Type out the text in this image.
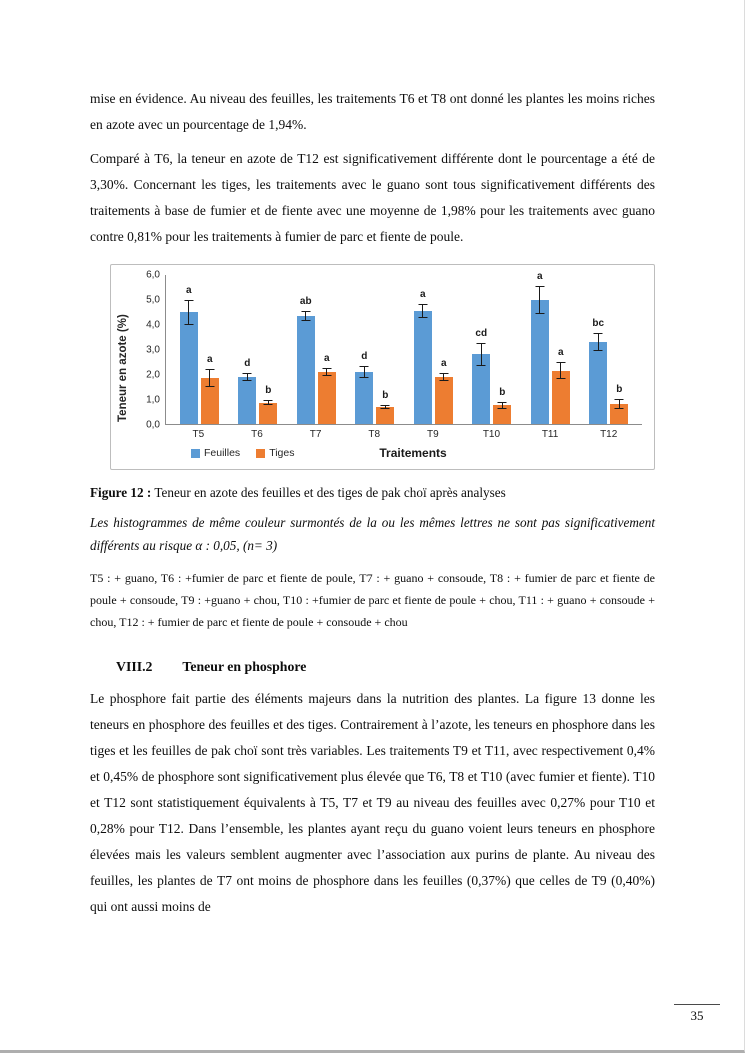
mise en évidence. Au niveau des feuilles, les traitements T6 et T8 ont donné les plantes les moins riches en azote avec un pourcentage de 1,94%.

Comparé à T6, la teneur en azote de T12 est significativement différente dont le pourcentage a été de 3,30%. Concernant les tiges, les traitements avec le guano sont tous significativement différents des traitements à base de fumier et de fiente avec une moyenne de 1,98% pour les traitements avec guano contre 0,81% pour les traitements à fumier de parc et fiente de poule.

Teneur en azote (%)
0,0
1,0
2,0
3,0
4,0
5,0
6,0
a
a	d
b
ab
a	d
b
a
a
cd
b
a
a
bc
b
T5	T6	T7	T8	T9	T10	T11	T12
Feuilles	Tiges	Traitements

Figure 12 : Teneur en azote des feuilles et des tiges de pak choï après analyses

Les histogrammes de même couleur surmontés de la ou les mêmes lettres ne sont pas significativement différents au risque α : 0,05, (n= 3)

T5 : + guano, T6 : +fumier de parc et fiente de poule, T7 : + guano + consoude, T8 : + fumier de parc et fiente de poule + consoude, T9 : +guano + chou, T10 : +fumier de parc et fiente de poule + chou, T11 : + guano + consoude + chou, T12 : + fumier de parc et fiente de poule + consoude + chou

VIII.2 Teneur en phosphore

Le phosphore fait partie des éléments majeurs dans la nutrition des plantes. La figure 13 donne les teneurs en phosphore des feuilles et des tiges. Contrairement à l’azote, les teneurs en phosphore dans les tiges et les feuilles de pak choï sont très variables. Les traitements T9 et T11, avec respectivement 0,4% et 0,45% de phosphore sont significativement plus élevée que T6, T8 et T10 (avec fumier et fiente). T10 et T12 sont statistiquement équivalents à T5, T7 et T9 au niveau des feuilles avec 0,27% pour T10 et 0,28% pour T12. Dans l’ensemble, les plantes ayant reçu du guano voient leurs teneurs en phosphore élevées mais les valeurs semblent augmenter avec l’association aux purins de plante. Au niveau des feuilles, les plantes de T7 ont moins de phosphore dans les feuilles (0,37%) que celles de T9 (0,40%) qui ont aussi moins de

35
